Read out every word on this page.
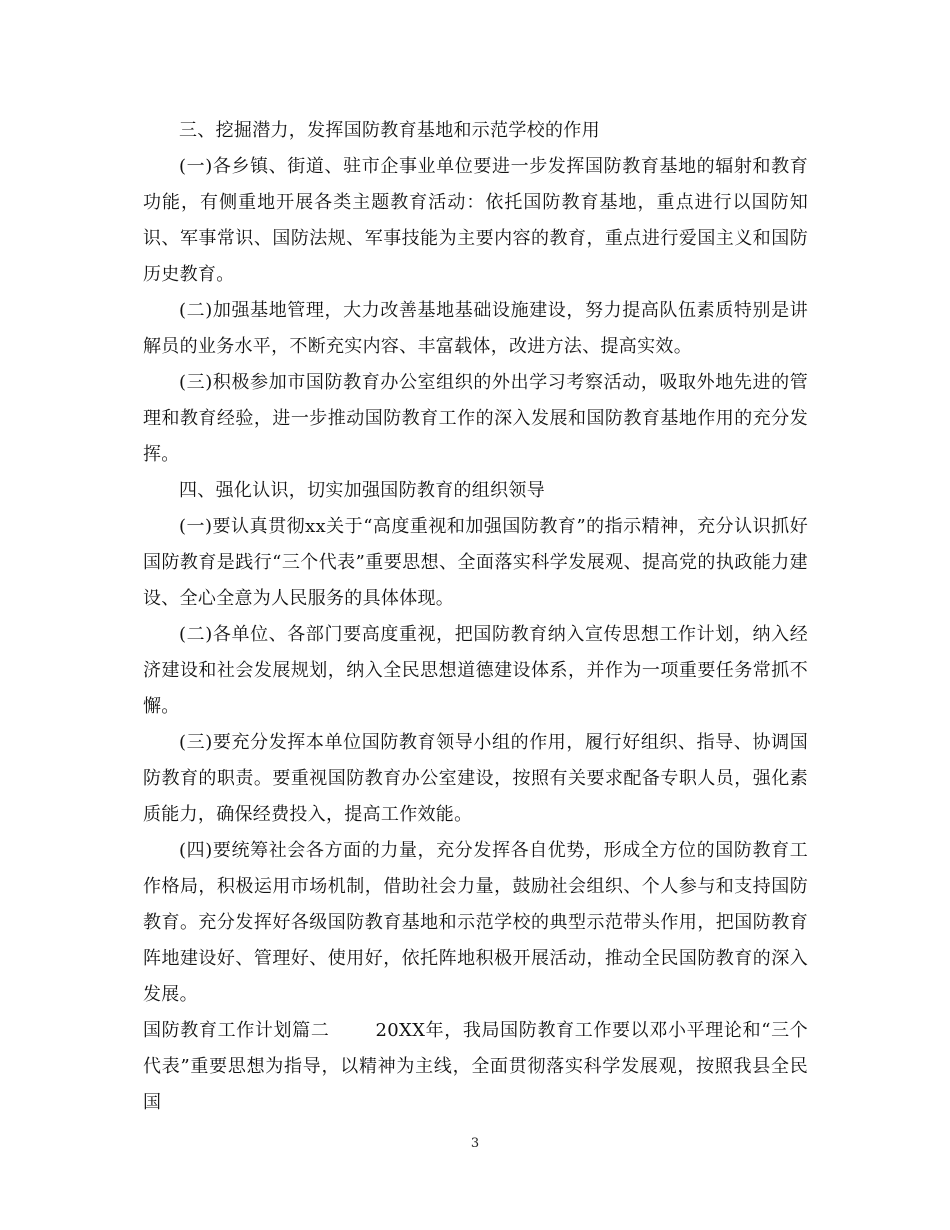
三、挖掘潜力，发挥国防教育基地和示范学校的作用

(一)各乡镇、街道、驻市企事业单位要进一步发挥国防教育基地的辐射和教育功能，有侧重地开展各类主题教育活动：依托国防教育基地，重点进行以国防知识、军事常识、国防法规、军事技能为主要内容的教育，重点进行爱国主义和国防历史教育。

(二)加强基地管理，大力改善基地基础设施建设，努力提高队伍素质特别是讲解员的业务水平，不断充实内容、丰富载体，改进方法、提高实效。

(三)积极参加市国防教育办公室组织的外出学习考察活动，吸取外地先进的管理和教育经验，进一步推动国防教育工作的深入发展和国防教育基地作用的充分发挥。

四、强化认识，切实加强国防教育的组织领导

(一)要认真贯彻xx关于“高度重视和加强国防教育”的指示精神，充分认识抓好国防教育是践行“三个代表”重要思想、全面落实科学发展观、提高党的执政能力建设、全心全意为人民服务的具体体现。

(二)各单位、各部门要高度重视，把国防教育纳入宣传思想工作计划，纳入经济建设和社会发展规划，纳入全民思想道德建设体系，并作为一项重要任务常抓不懈。

(三)要充分发挥本单位国防教育领导小组的作用，履行好组织、指导、协调国防教育的职责。要重视国防教育办公室建设，按照有关要求配备专职人员，强化素质能力，确保经费投入，提高工作效能。

(四)要统筹社会各方面的力量，充分发挥各自优势，形成全方位的国防教育工作格局，积极运用市场机制，借助社会力量，鼓励社会组织、个人参与和支持国防教育。充分发挥好各级国防教育基地和示范学校的典型示范带头作用，把国防教育阵地建设好、管理好、使用好，依托阵地积极开展活动，推动全民国防教育的深入发展。

国防教育工作计划篇二	20XX年，我局国防教育工作要以邓小平理论和“三个代表”重要思想为指导，以精神为主线，全面贯彻落实科学发展观，按照我县全民国

3
